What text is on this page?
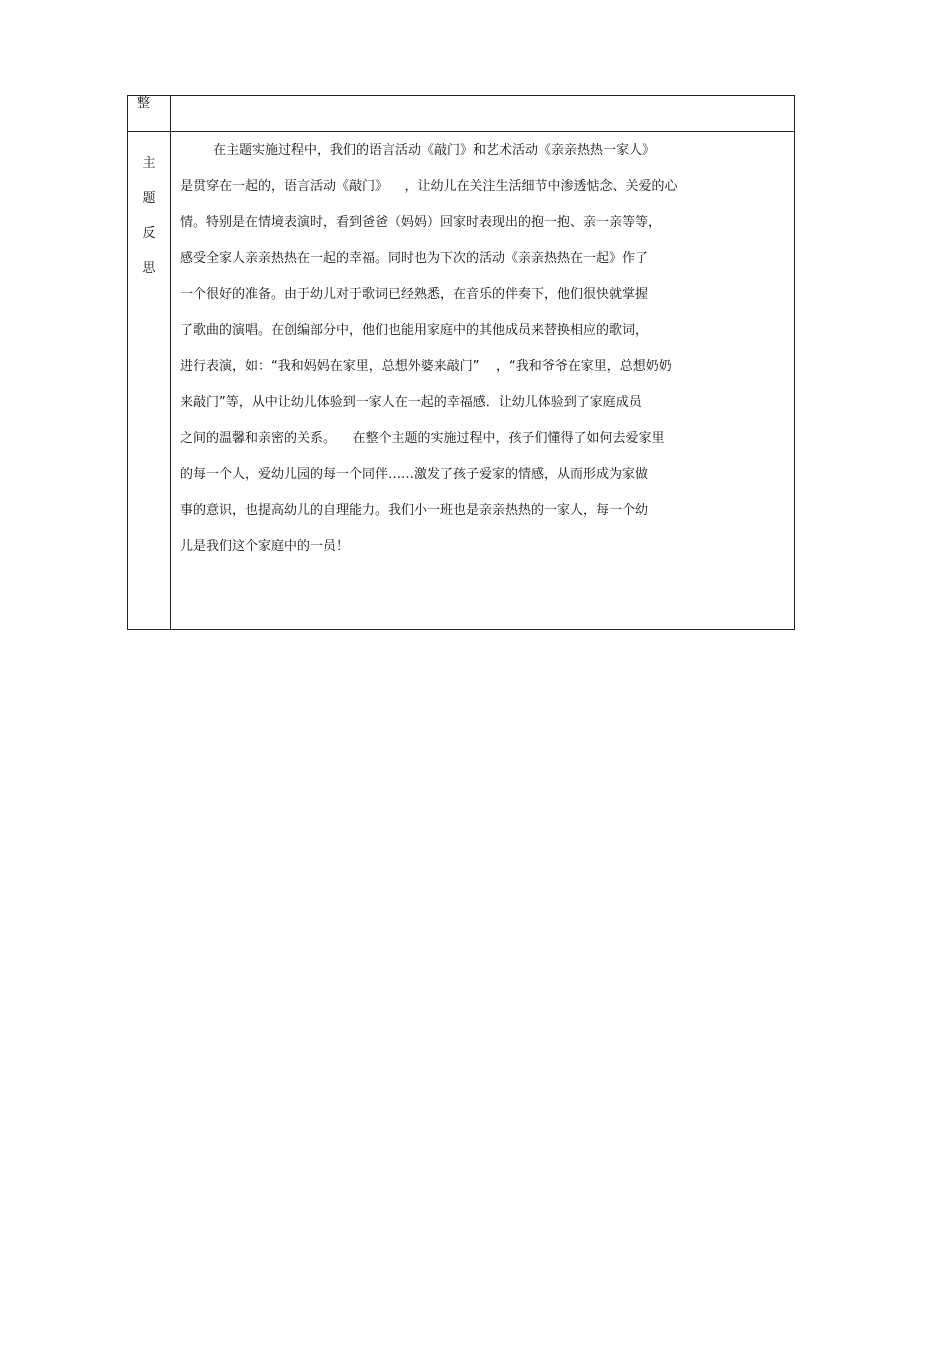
整
主
题
反
思
在主题实施过程中，我们的语言活动《敲门》和艺术活动《亲亲热热一家人》
是贯穿在一起的，语言活动《敲门》    ，让幼儿在关注生活细节中渗透惦念、关爱的心
情。特别是在情境表演时，看到爸爸（妈妈）回家时表现出的抱一抱、亲一亲等等，
感受全家人亲亲热热在一起的幸福。同时也为下次的活动《亲亲热热在一起》作了
一个很好的准备。由于幼儿对于歌词已经熟悉，在音乐的伴奏下，他们很快就掌握
了歌曲的演唱。在创编部分中，他们也能用家庭中的其他成员来替换相应的歌词，
进行表演，如：“我和妈妈在家里，总想外婆来敲门”    ，“我和爷爷在家里，总想奶奶
来敲门”等，从中让幼儿体验到一家人在一起的幸福感．让幼儿体验到了家庭成员
之间的温馨和亲密的关系。    在整个主题的实施过程中，孩子们懂得了如何去爱家里
的每一个人，爱幼儿园的每一个同伴……激发了孩子爱家的情感，从而形成为家做
事的意识，也提高幼儿的自理能力。我们小一班也是亲亲热热的一家人，每一个幼
儿是我们这个家庭中的一员！
